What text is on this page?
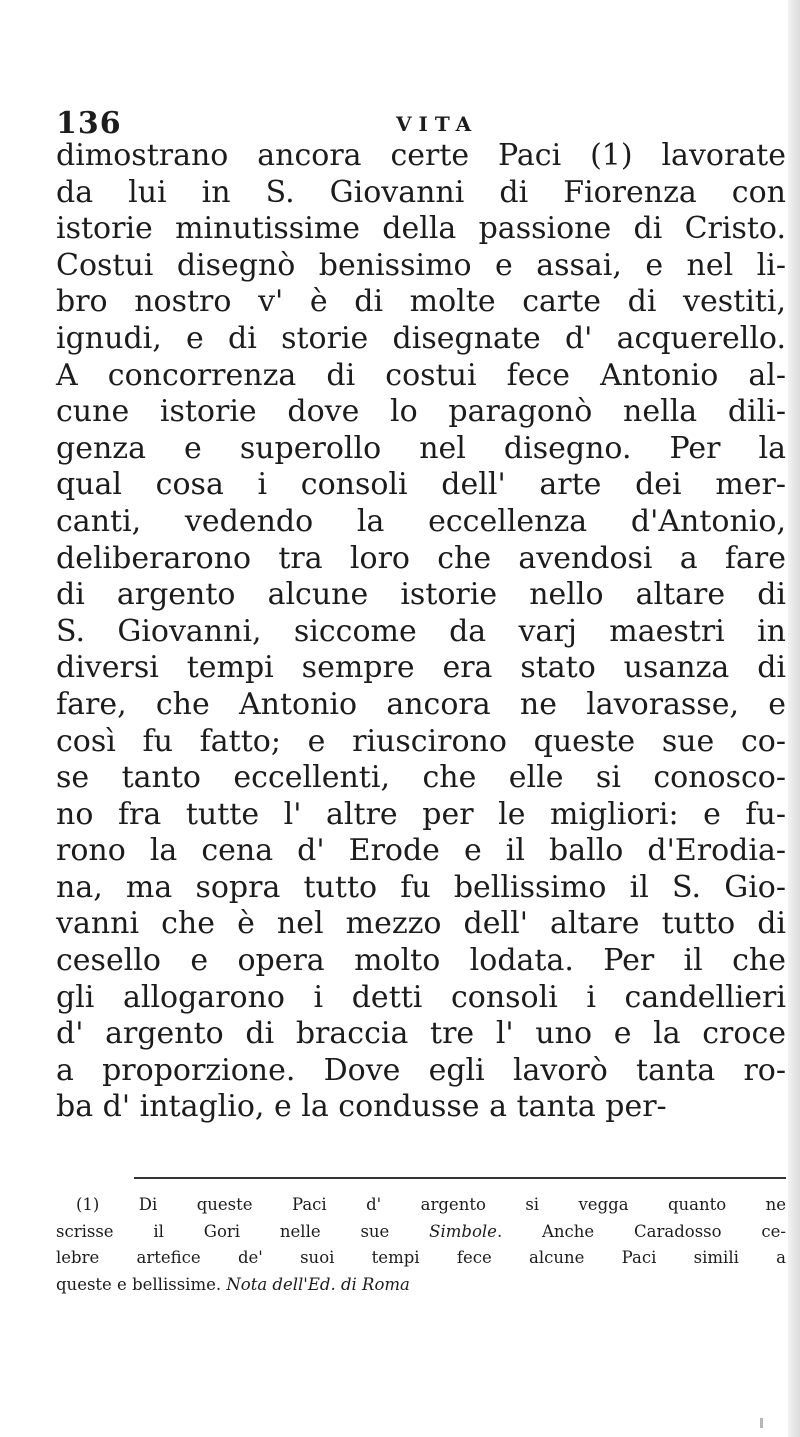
136	VITA
dimostrano ancora certe Paci (1) lavorate
da lui in S. Giovanni di Fiorenza con
istorie minutissime della passione di Cristo.
Costui disegnò benissimo e assai, e nel li-
bro nostro v' è di molte carte di vestiti,
ignudi, e di storie disegnate d' acquerello.
A concorrenza di costui fece Antonio al-
cune istorie dove lo paragonò nella dili-
genza e superollo nel disegno. Per la
qual cosa i consoli dell' arte dei mer-
canti, vedendo la eccellenza d'Antonio,
deliberarono tra loro che avendosi a fare
di argento alcune istorie nello altare di
S. Giovanni, siccome da varj maestri in
diversi tempi sempre era stato usanza di
fare, che Antonio ancora ne lavorasse, e
così fu fatto; e riuscirono queste sue co-
se tanto eccellenti, che elle si conosco-
no fra tutte l' altre per le migliori: e fu-
rono la cena d' Erode e il ballo d'Erodia-
na, ma sopra tutto fu bellissimo il S. Gio-
vanni che è nel mezzo dell' altare tutto di
cesello e opera molto lodata. Per il che
gli allogarono i detti consoli i candellieri
d' argento di braccia tre l' uno e la croce
a proporzione. Dove egli lavorò tanta ro-
ba d' intaglio, e la condusse a tanta per-
(1) Di queste Paci d' argento si vegga quanto ne
scrisse il Gori nelle sue Simbole. Anche Caradosso ce-
lebre artefice de' suoi tempi fece alcune Paci simili a
queste e bellissime. Nota dell'Ed. di Roma
